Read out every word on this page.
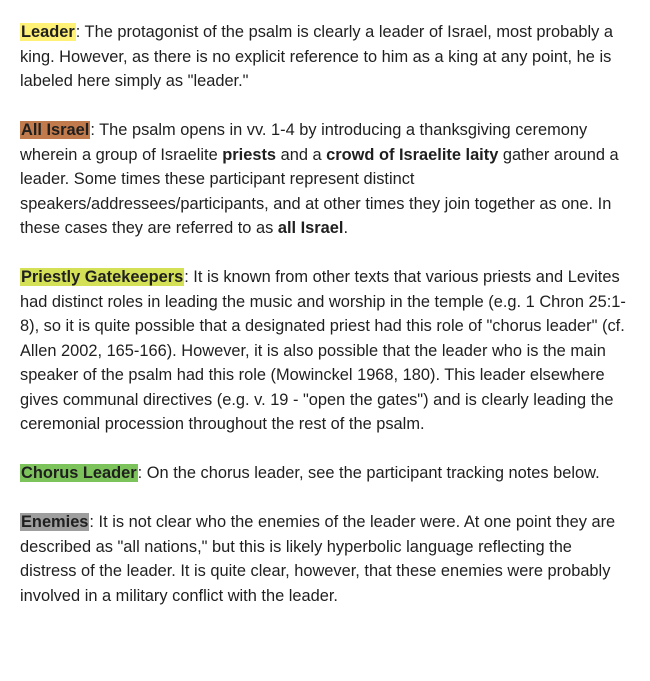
Leader: The protagonist of the psalm is clearly a leader of Israel, most probably a king. However, as there is no explicit reference to him as a king at any point, he is labeled here simply as "leader."

All Israel: The psalm opens in vv. 1-4 by introducing a thanksgiving ceremony wherein a group of Israelite priests and a crowd of Israelite laity gather around a leader. Some times these participant represent distinct speakers/addressees/participants, and at other times they join together as one. In these cases they are referred to as all Israel.

Priestly Gatekeepers: It is known from other texts that various priests and Levites had distinct roles in leading the music and worship in the temple (e.g. 1 Chron 25:1-8), so it is quite possible that a designated priest had this role of "chorus leader" (cf. Allen 2002, 165-166). However, it is also possible that the leader who is the main speaker of the psalm had this role (Mowinckel 1968, 180). This leader elsewhere gives communal directives (e.g. v. 19 - "open the gates") and is clearly leading the ceremonial procession throughout the rest of the psalm.

Chorus Leader: On the chorus leader, see the participant tracking notes below.

Enemies: It is not clear who the enemies of the leader were. At one point they are described as "all nations," but this is likely hyperbolic language reflecting the distress of the leader. It is quite clear, however, that these enemies were probably involved in a military conflict with the leader.
